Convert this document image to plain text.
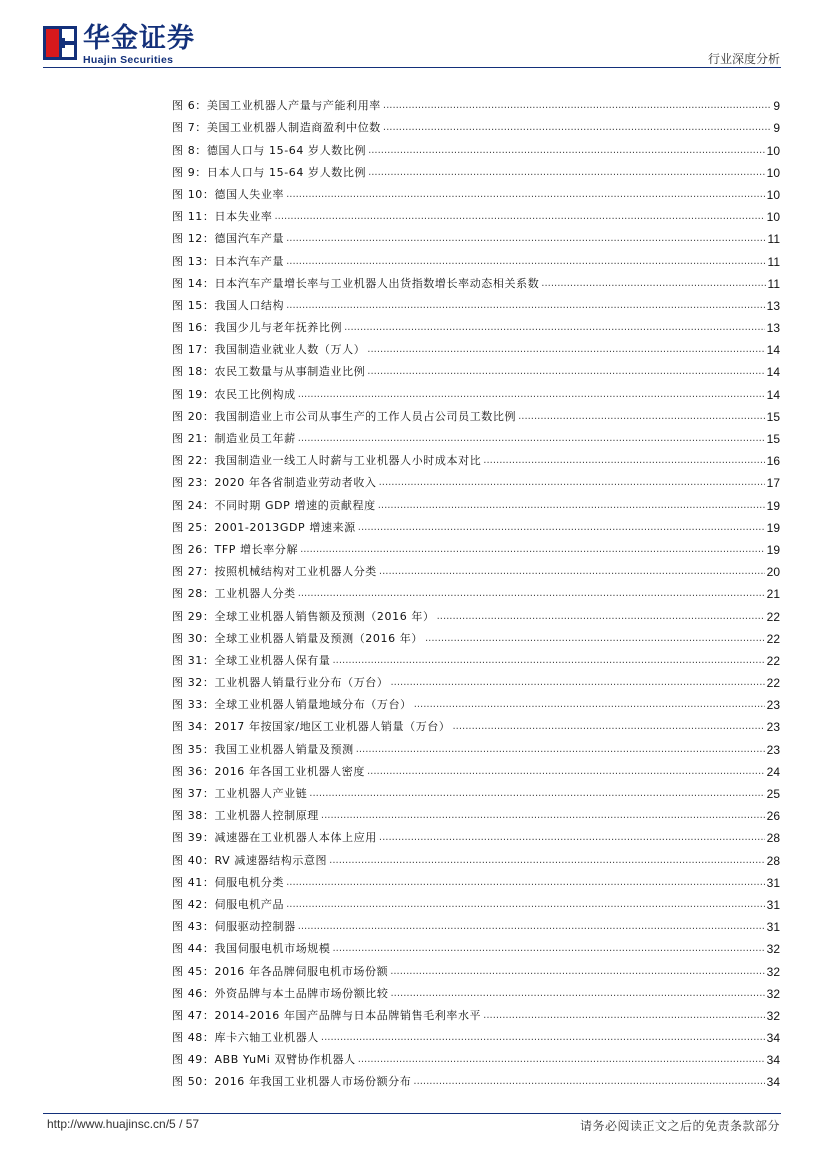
华金证券
Huajin Securities	行业深度分析
图 6：美国工业机器人产量与产能利用率 .....	9
图 7：美国工业机器人制造商盈利中位数 .....	9
图 8：德国人口与 15-64 岁人数比例 .....	10
图 9：日本人口与 15-64 岁人数比例 .....	10
图 10：德国人失业率 .....	10
图 11：日本失业率 .....	10
图 12：德国汽车产量 .....	11
图 13：日本汽车产量 .....	11
图 14：日本汽车产量增长率与工业机器人出货指数增长率动态相关系数 .....	11
图 15：我国人口结构 .....	13
图 16：我国少儿与老年抚养比例 .....	13
图 17：我国制造业就业人数（万人） .....	14
图 18：农民工数量与从事制造业比例 .....	14
图 19：农民工比例构成 .....	14
图 20：我国制造业上市公司从事生产的工作人员占公司员工数比例 .....	15
图 21：制造业员工年薪 .....	15
图 22：我国制造业一线工人时薪与工业机器人小时成本对比 .....	16
图 23：2020 年各省制造业劳动者收入 .....	17
图 24：不同时期 GDP 增速的贡献程度 .....	19
图 25：2001-2013GDP 增速来源 .....	19
图 26：TFP 增长率分解 .....	19
图 27：按照机械结构对工业机器人分类 .....	20
图 28：工业机器人分类 .....	21
图 29：全球工业机器人销售额及预测（2016 年） .....	22
图 30：全球工业机器人销量及预测（2016 年） .....	22
图 31：全球工业机器人保有量 .....	22
图 32：工业机器人销量行业分布（万台） .....	22
图 33：全球工业机器人销量地域分布（万台） .....	23
图 34：2017 年按国家/地区工业机器人销量（万台） .....	23
图 35：我国工业机器人销量及预测 .....	23
图 36：2016 年各国工业机器人密度 .....	24
图 37：工业机器人产业链 .....	25
图 38：工业机器人控制原理 .....	26
图 39：减速器在工业机器人本体上应用 .....	28
图 40：RV 减速器结构示意图 .....	28
图 41：伺服电机分类 .....	31
图 42：伺服电机产品 .....	31
图 43：伺服驱动控制器 .....	31
图 44：我国伺服电机市场规模 .....	32
图 45：2016 年各品牌伺服电机市场份额 .....	32
图 46：外资品牌与本土品牌市场份额比较 .....	32
图 47：2014-2016 年国产品牌与日本品牌销售毛利率水平 .....	32
图 48：库卡六轴工业机器人 .....	34
图 49：ABB YuMi 双臂协作机器人 .....	34
图 50：2016 年我国工业机器人市场份额分布 .....	34
http://www.huajinsc.cn/5 / 57	请务必阅读正文之后的免责条款部分
